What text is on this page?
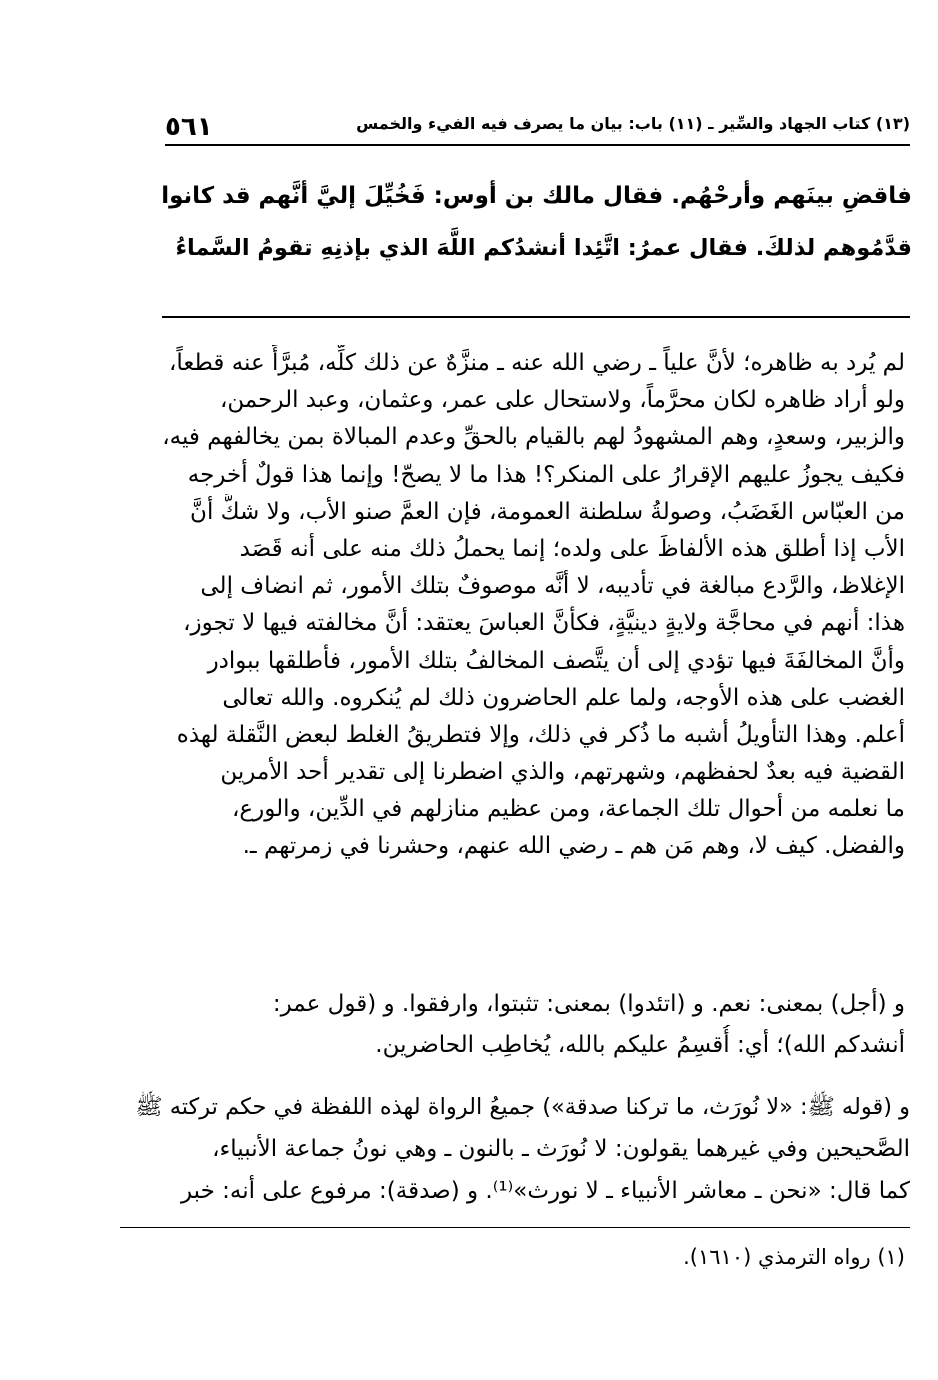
٥٦١	(١٣) كتاب الجهاد والسِّير ـ (١١) باب: بيان ما يصرف فيه الفيء والخمس
فاقضِ بينَهم وأرحْهُم. فقال مالك بن أوس: فَخُيِّلَ إليَّ أنَّهم قد كانوا
قدَّمُوهم لذلكَ. فقال عمرُ: اتَّئِدا أنشدُكم اللَّهَ الذي بإذنِهِ تقومُ السَّماءُ
لم يُرد به ظاهره؛ لأنَّ علياً ـ رضي الله عنه ـ منزَّهٌ عن ذلك كلِّه، مُبرَّأً عنه قطعاً،
ولو أراد ظاهره لكان محرَّماً، ولاستحال على عمر، وعثمان، وعبد الرحمن،
والزبير، وسعدٍ، وهم المشهودُ لهم بالقيام بالحقِّ وعدم المبالاة بمن يخالفهم فيه،
فكيف يجوزُ عليهم الإقرارُ على المنكر؟! هذا ما لا يصحّ! وإنما هذا قولٌ أخرجه
من العبّاس الغَضَبُ، وصولةُ سلطنة العمومة، فإن العمَّ صنو الأب، ولا شكَّ أنَّ
الأب إذا أطلق هذه الألفاظَ على ولده؛ إنما يحملُ ذلك منه على أنه قَصَد
الإغلاظ، والرَّدع مبالغة في تأديبه، لا أنَّه موصوفٌ بتلك الأمور، ثم انضاف إلى
هذا: أنهم في محاجَّة ولايةٍ دينيَّةٍ، فكأنَّ العباسَ يعتقد: أنَّ مخالفته فيها لا تجوز،
وأنَّ المخالفَةَ فيها تؤدي إلى أن يتَّصف المخالفُ بتلك الأمور، فأطلقها ببوادر
الغضب على هذه الأوجه، ولما علم الحاضرون ذلك لم يُنكروه. والله تعالى
أعلم. وهذا التأويلُ أشبه ما ذُكر في ذلك، وإلا فتطريقُ الغلط لبعض النَّقلة لهذه
القضية فيه بعدٌ لحفظهم، وشهرتهم، والذي اضطرنا إلى تقدير أحد الأمرين
ما نعلمه من أحوال تلك الجماعة، ومن عظيم منازلهم في الدِّين، والورع،
والفضل. كيف لا، وهم مَن هم ـ رضي الله عنهم، وحشرنا في زمرتهم ـ.
و (أجل) بمعنى: نعم. و (اتئدوا) بمعنى: تثبتوا، وارفقوا. و (قول عمر:
أنشدكم الله)؛ أي: أُقسِمُ عليكم بالله، يُخاطِب الحاضرين.
و (قوله ﷺ: «لا نُورَث، ما تركنا صدقة») جميعُ الرواة لهذه اللفظة في حكم تركته ﷺ
الصَّحيحين وفي غيرهما يقولون: لا نُورَث ـ بالنون ـ وهي نونُ جماعة الأنبياء،
كما قال: «نحن ـ معاشر الأنبياء ـ لا نورث»⁽¹⁾. و (صدقة): مرفوع على أنه: خبر
(١) رواه الترمذي (١٦١٠).
